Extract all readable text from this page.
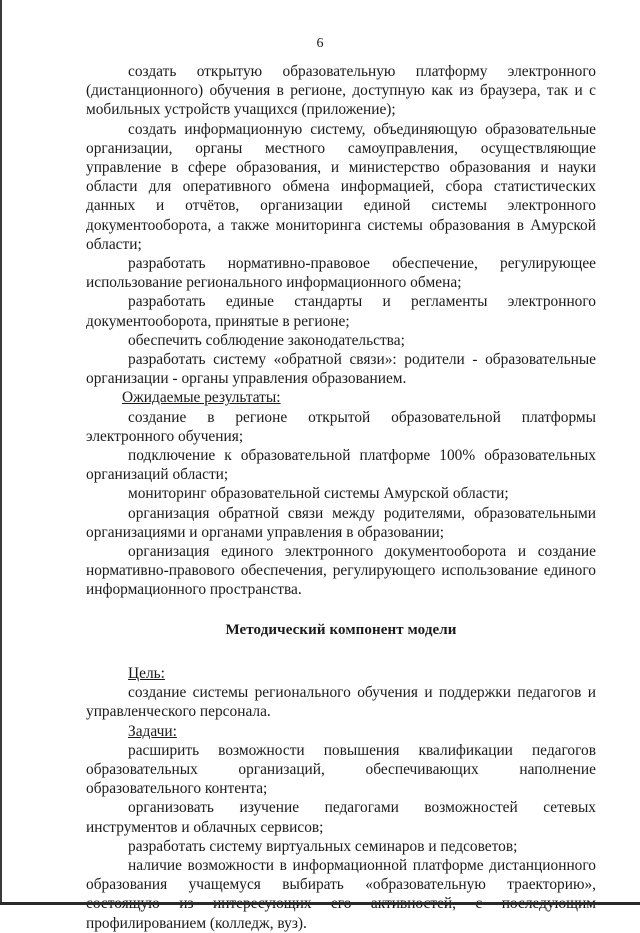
6

создать открытую образовательную платформу электронного (дистанционного) обучения в регионе, доступную как из браузера, так и с мобильных устройств учащихся (приложение);

создать информационную систему, объединяющую образовательные организации, органы местного самоуправления, осуществляющие управление в сфере образования, и министерство образования и науки области для оперативного обмена информацией, сбора статистических данных и отчётов, организации единой системы электронного документооборота, а также мониторинга системы образования в Амурской области;

разработать нормативно-правовое обеспечение, регулирующее использование регионального информационного обмена;

разработать единые стандарты и регламенты электронного документооборота, принятые в регионе;

обеспечить соблюдение законодательства;

разработать систему «обратной связи»: родители - образовательные организации - органы управления образованием.

Ожидаемые результаты:

создание в регионе открытой образовательной платформы электронного обучения;

подключение к образовательной платформе 100% образовательных организаций области;

мониторинг образовательной системы Амурской области;

организация обратной связи между родителями, образовательными организациями и органами управления в образовании;

организация единого электронного документооборота и создание нормативно-правового обеспечения, регулирующего использование единого информационного пространства.

Методический компонент модели

Цель:

создание системы регионального обучения и поддержки педагогов и управленческого персонала.

Задачи:

расширить возможности повышения квалификации педагогов образовательных организаций, обеспечивающих наполнение образовательного контента;

организовать изучение педагогами возможностей сетевых инструментов и облачных сервисов;

разработать систему виртуальных семинаров и педсоветов;

наличие возможности в информационной платформе дистанционного образования учащемуся выбирать «образовательную траекторию», профилированием (колледж, вуз).
